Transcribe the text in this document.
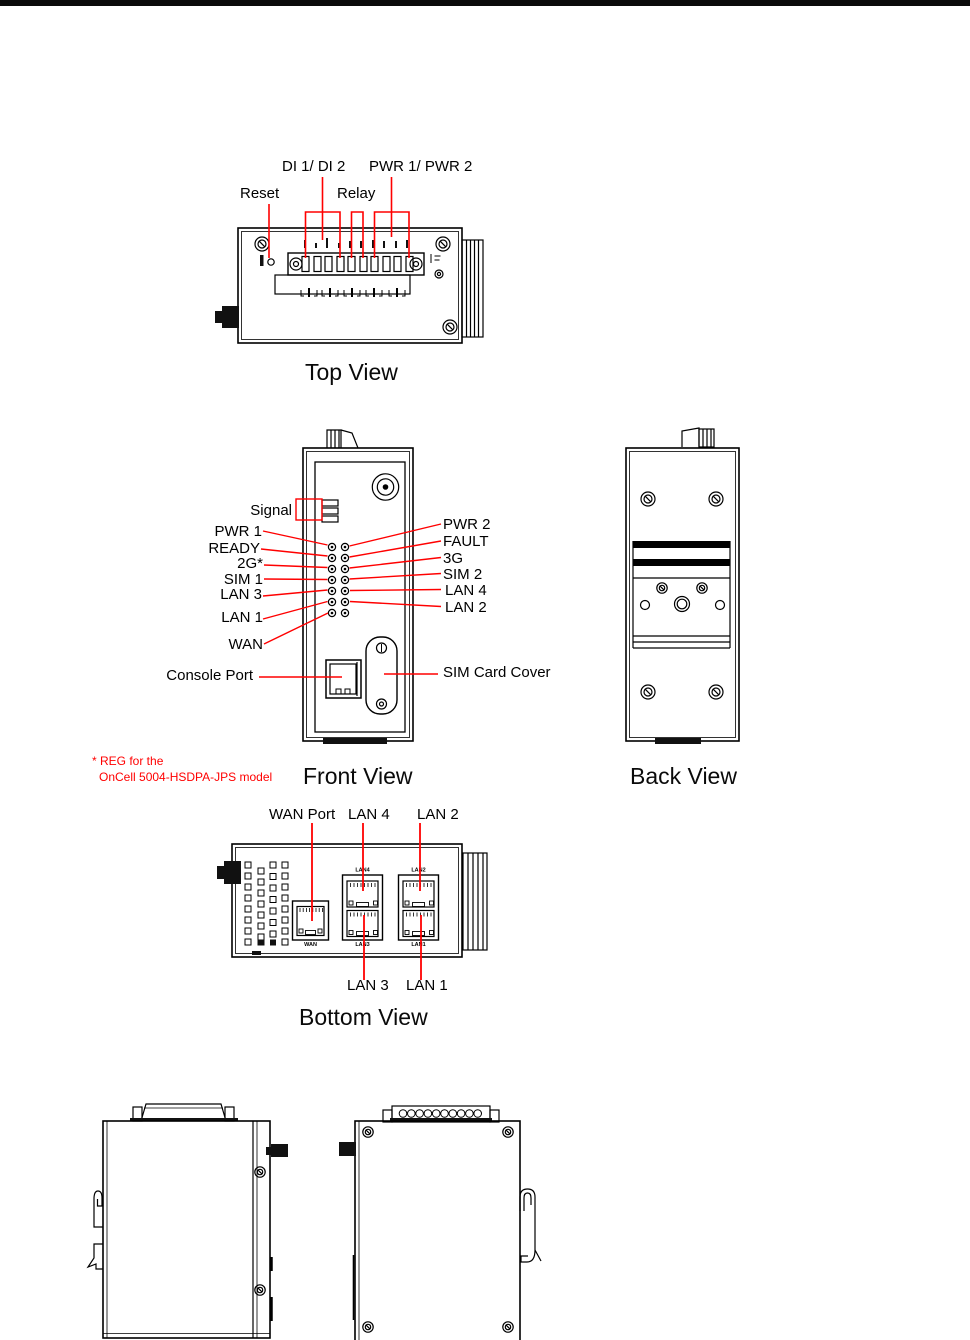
WAN
LAN4
LAN3
LAN2
LAN1
DI 1/ DI 2 PWR 1/ PWR 2
Reset	Relay
Top View
Signal
PWR 1
READY
2G*
SIM 1
LAN 3
LAN 1
WAN
Console Port
PWR 2
FAULT
3G
SIM 2
LAN 4
LAN 2
SIM Card Cover
Front View	Back View
* REG for the
OnCell 5004-HSDPA-JPS model
WAN Port LAN 4 LAN 2
LAN 3 LAN 1
Bottom View
